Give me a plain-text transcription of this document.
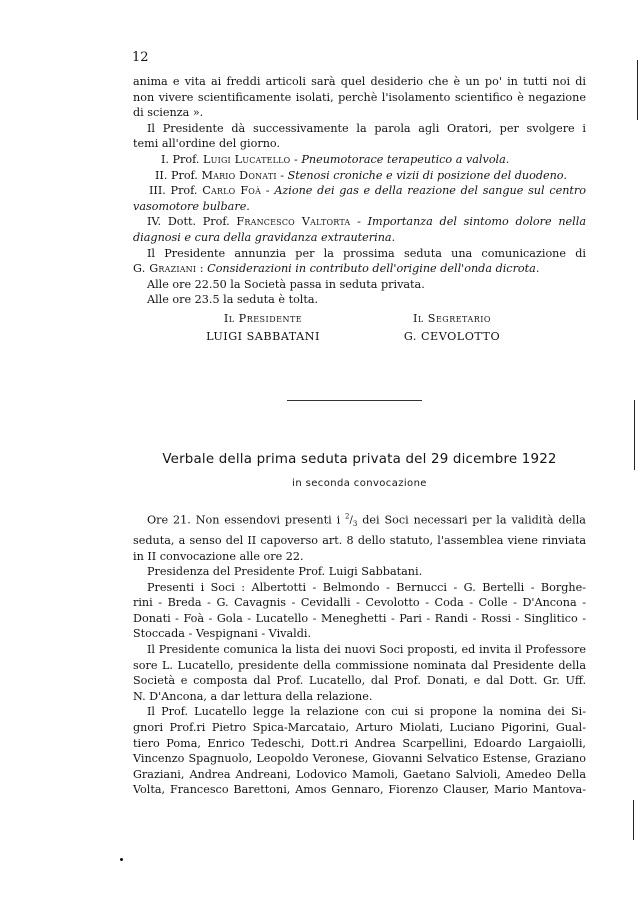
12
anima e vita ai freddi articoli sarà quel desiderio che è un po' in tutti noi di
non vivere scientificamente isolati, perchè l'isolamento scientifico è negazione
di scienza ».
Il Presidente dà successivamente la parola agli Oratori, per svolgere i
temi all'ordine del giorno.
I. Prof. Luigi Lucatello - Pneumotorace terapeutico a valvola.
II. Prof. Mario Donati - Stenosi croniche e vizii di posizione del duodeno.
III. Prof. Carlo Foà - Azione dei gas e della reazione del sangue sul centro
vasomotore bulbare.
IV. Dott. Prof. Francesco Valtorta - Importanza del sintomo dolore nella
diagnosi e cura della gravidanza extrauterina.
Il Presidente annunzia per la prossima seduta una comunicazione di
G. Graziani : Considerazioni in contributo dell'origine dell'onda dicrota.
Alle ore 22.50 la Società passa in seduta privata.
Alle ore 23.5 la seduta è tolta.
Il Presidente
LUIGI SABBATANI
Il Segretario
G. CEVOLOTTO
Verbale della prima seduta privata del 29 dicembre 1922
in seconda convocazione
Ore 21. Non essendovi presenti i $^2/_3$ dei Soci necessari per la validità della
seduta, a senso del II capoverso art. 8 dello statuto, l'assemblea viene rinviata
in II convocazione alle ore 22.
Presidenza del Presidente Prof. Luigi Sabbatani.
Presenti i Soci : Albertotti - Belmondo - Bernucci - G. Bertelli - Borghe-
rini - Breda - G. Cavagnis - Cevidalli - Cevolotto - Coda - Colle - D'Ancona -
Donati - Foà - Gola - Lucatello - Meneghetti - Pari - Randi - Rossi - Singlitico -
Stoccada - Vespignani - Vivaldi.
Il Presidente comunica la lista dei nuovi Soci proposti, ed invita il Professore
sore L. Lucatello, presidente della commissione nominata dal Presidente della
Società e composta dal Prof. Lucatello, dal Prof. Donati, e dal Dott. Gr. Uff.
N. D'Ancona, a dar lettura della relazione.
Il Prof. Lucatello legge la relazione con cui si propone la nomina dei Si-
gnori Prof.ri Pietro Spica-Marcataio, Arturo Miolati, Luciano Pigorini, Gual-
tiero Poma, Enrico Tedeschi, Dott.ri Andrea Scarpellini, Edoardo Largaiolli,
Vincenzo Spagnuolo, Leopoldo Veronese, Giovanni Selvatico Estense, Graziano
Graziani, Andrea Andreani, Lodovico Mamoli, Gaetano Salvioli, Amedeo Della
Volta, Francesco Barettoni, Amos Gennaro, Fiorenzo Clauser, Mario Mantova-
